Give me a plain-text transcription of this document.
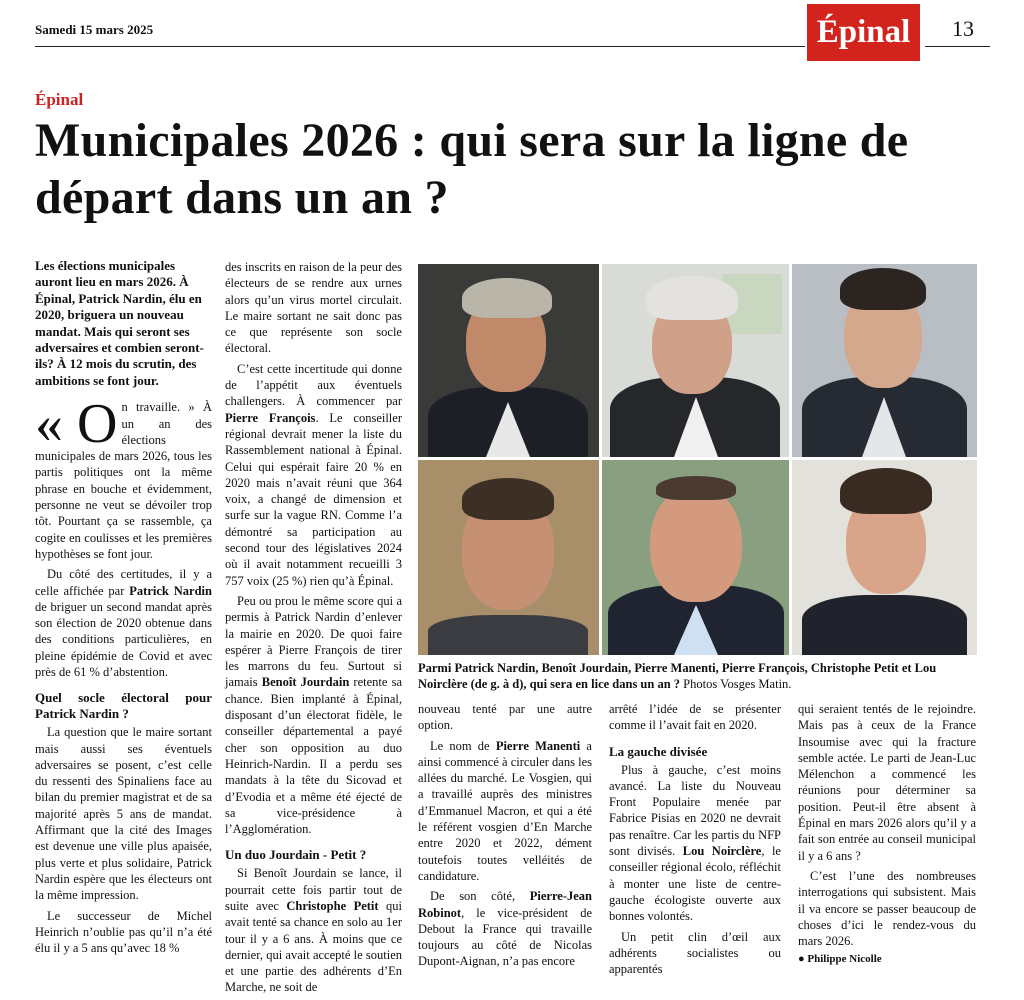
Samedi 15 mars 2025	Épinal	13
Épinal
Municipales 2026 : qui sera sur la ligne de départ dans un an ?

Les élections municipales auront lieu en mars 2026. À Épinal, Patrick Nardin, élu en 2020, briguera un nouveau mandat. Mais qui seront ses adversaires et combien seront-ils? À 12 mois du scrutin, des ambitions se font jour.

« O n travaille. » À un an des élections municipales de mars 2026, tous les partis politiques ont la même phrase en bouche et évidemment, personne ne veut se dévoiler trop tôt. Pourtant ça se rassemble, ça cogite en coulisses et les premières hypothèses se font jour.

Du côté des certitudes, il y a celle affichée par Patrick Nardin de briguer un second mandat après son élection de 2020 obtenue dans des conditions particulières, en pleine épidémie de Covid et avec près de 61 % d’abstention.

Quel socle électoral pour Patrick Nardin ?

La question que le maire sortant mais aussi ses éventuels adversaires se posent, c’est celle du ressenti des Spinaliens face au bilan du premier magistrat et de sa majorité après 5 ans de mandat. Affirmant que la cité des Images est devenue une ville plus apaisée, plus verte et plus solidaire, Patrick Nardin espère que les électeurs ont la même impression.

Le successeur de Michel Heinrich n’oublie pas qu’il n’a été élu il y a 5 ans qu’avec 18 %

des inscrits en raison de la peur des électeurs de se rendre aux urnes alors qu’un virus mortel circulait. Le maire sortant ne sait donc pas ce que représente son socle électoral.

C’est cette incertitude qui donne de l’appétit aux éventuels challengers. À commencer par Pierre François. Le conseiller régional devrait mener la liste du Rassemblement national à Épinal. Celui qui espérait faire 20 % en 2020 mais n’avait réuni que 364 voix, a changé de dimension et surfe sur la vague RN. Comme l’a démontré sa participation au second tour des législatives 2024 où il avait notamment recueilli 3 757 voix (25 %) rien qu’à Épinal.

Peu ou prou le même score qui a permis à Patrick Nardin d’enlever la mairie en 2020. De quoi faire espérer à Pierre François de tirer les marrons du feu. Surtout si jamais Benoît Jourdain retente sa chance. Bien implanté à Épinal, disposant d’un électorat fidèle, le conseiller départemental a payé cher son opposition au duo Heinrich-Nardin. Il a perdu ses mandats à la tête du Sicovad et d’Evodia et a même été éjecté de sa vice-présidence à l’Agglomération.

Un duo Jourdain - Petit ?

Si Benoît Jourdain se lance, il pourrait cette fois partir tout de suite avec Christophe Petit qui avait tenté sa chance en solo au 1er tour il y a 6 ans. À moins que ce dernier, qui avait accepté le soutien et une partie des adhérents d’En Marche, ne soit de

Parmi Patrick Nardin, Benoît Jourdain, Pierre Manenti, Pierre François, Christophe Petit et Lou Noirclère (de g. à d), qui sera en lice dans un an ? Photos Vosges Matin.

nouveau tenté par une autre option.

Le nom de Pierre Manenti a ainsi commencé à circuler dans les allées du marché. Le Vosgien, qui a travaillé auprès des ministres d’Emmanuel Macron, et qui a été le référent vosgien d’En Marche entre 2020 et 2022, dément toutefois toutes velléités de candidature.

De son côté, Pierre-Jean Robinot, le vice-président de Debout la France qui travaille toujours au côté de Nicolas Dupont-Aignan, n’a pas encore

arrêté l’idée de se présenter comme il l’avait fait en 2020.

La gauche divisée

Plus à gauche, c’est moins avancé. La liste du Nouveau Front Populaire menée par Fabrice Pisias en 2020 ne devrait pas renaître. Car les partis du NFP sont divisés. Lou Noirclère, le conseiller régional écolo, réfléchit à monter une liste de centre-gauche écologiste ouverte aux bonnes volontés.

Un petit clin d’œil aux adhérents socialistes ou apparentés

qui seraient tentés de le rejoindre. Mais pas à ceux de la France Insoumise avec qui la fracture semble actée. Le parti de Jean-Luc Mélenchon a commencé les réunions pour déterminer sa position. Peut-il être absent à Épinal en mars 2026 alors qu’il y a fait son entrée au conseil municipal il y a 6 ans ?

C’est l’une des nombreuses interrogations qui subsistent. Mais il va encore se passer beaucoup de choses d’ici le rendez-vous du mars 2026.

● Philippe Nicolle
